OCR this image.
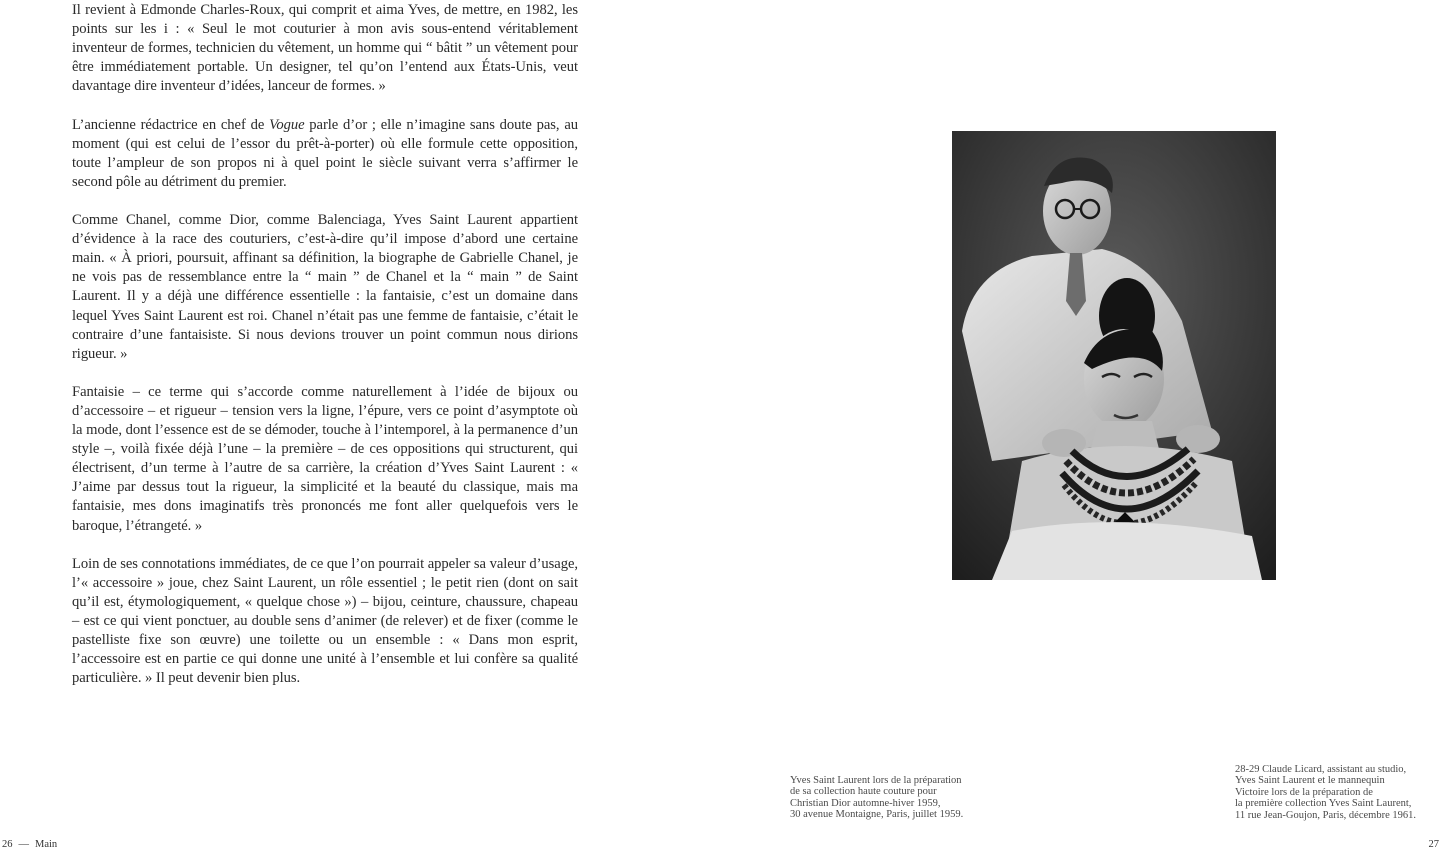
Il revient à Edmonde Charles-Roux, qui comprit et aima Yves, de mettre, en 1982, les points sur les i : « Seul le mot couturier à mon avis sous-entend véritablement inventeur de formes, technicien du vêtement, un homme qui “ bâtit ” un vêtement pour être immédiatement portable. Un designer, tel qu’on l’entend aux États-Unis, veut davantage dire inventeur d’idées, lanceur de formes. »

L’ancienne rédactrice en chef de Vogue parle d’or ; elle n’imagine sans doute pas, au moment (qui est celui de l’essor du prêt-à-porter) où elle formule cette opposition, toute l’ampleur de son propos ni à quel point le siècle suivant verra s’affirmer le second pôle au détriment du premier.

Comme Chanel, comme Dior, comme Balenciaga, Yves Saint Laurent appartient d’évidence à la race des couturiers, c’est-à-dire qu’il impose d’abord une certaine main. « À priori, poursuit, affinant sa définition, la biographe de Gabrielle Chanel, je ne vois pas de ressemblance entre la “ main ” de Chanel et la “ main ” de Saint Laurent. Il y a déjà une différence essentielle : la fantaisie, c’est un domaine dans lequel Yves Saint Laurent est roi. Chanel n’était pas une femme de fantaisie, c’était le contraire d’une fantaisiste. Si nous devions trouver un point commun nous dirions rigueur. »

Fantaisie – ce terme qui s’accorde comme naturellement à l’idée de bijoux ou d’accessoire – et rigueur – tension vers la ligne, l’épure, vers ce point d’asymptote où la mode, dont l’essence est de se démoder, touche à l’intemporel, à la permanence d’un style –, voilà fixée déjà l’une – la première – de ces oppositions qui structurent, qui électrisent, d’un terme à l’autre de sa carrière, la création d’Yves Saint Laurent : « J’aime par dessus tout la rigueur, la simplicité et la beauté du classique, mais ma fantaisie, mes dons imaginatifs très prononcés me font aller quelquefois vers le baroque, l’étrangeté. »

Loin de ses connotations immédiates, de ce que l’on pourrait appeler sa valeur d’usage, l’« accessoire » joue, chez Saint Laurent, un rôle essentiel ; le petit rien (dont on sait qu’il est, étymologiquement, « quelque chose ») – bijou, ceinture, chaussure, chapeau – est ce qui vient ponctuer, au double sens d’animer (de relever) et de fixer (comme le pastelliste fixe son œuvre) une toilette ou un ensemble : « Dans mon esprit, l’accessoire est en partie ce qui donne une unité à l’ensemble et lui confère sa qualité particulière. » Il peut devenir bien plus.

26 — Main
Yves Saint Laurent lors de la préparation
de sa collection haute couture pour
Christian Dior automne-hiver 1959,
30 avenue Montaigne, Paris, juillet 1959.
28-29 Claude Licard, assistant au studio,
Yves Saint Laurent et le mannequin
Victoire lors de la préparation de
la première collection Yves Saint Laurent,
11 rue Jean-Goujon, Paris, décembre 1961.
27
